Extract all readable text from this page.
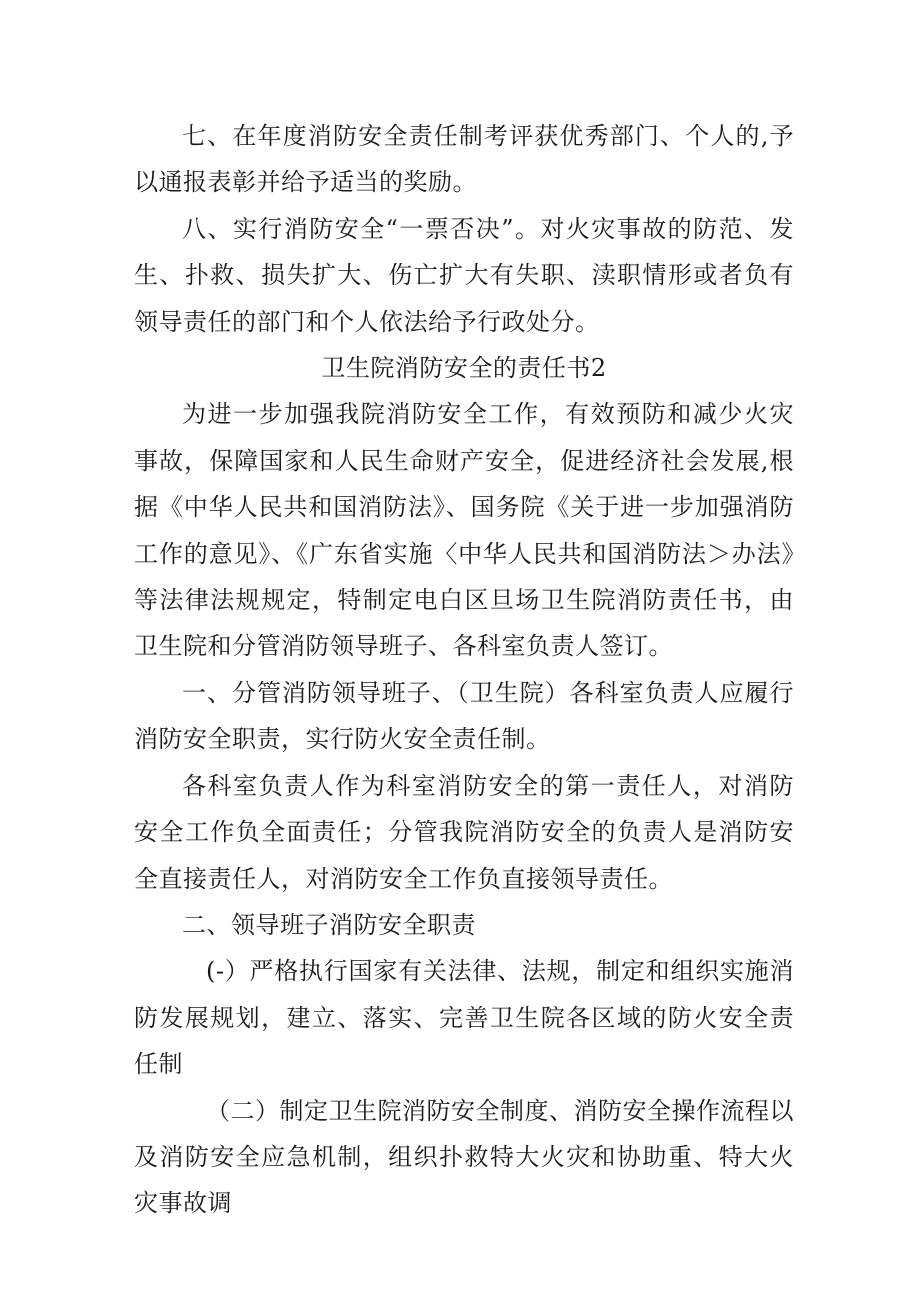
七、在年度消防安全责任制考评获优秀部门、个人的,予以通报表彰并给予适当的奖励。

八、实行消防安全“一票否决”。对火灾事故的防范、发生、扑救、损失扩大、伤亡扩大有失职、渎职情形或者负有领导责任的部门和个人依法给予行政处分。

卫生院消防安全的责任书2

为进一步加强我院消防安全工作，有效预防和减少火灾事故，保障国家和人民生命财产安全，促进经济社会发展,根据《中华人民共和国消防法》、国务院《关于进一步加强消防工作的意见》、《广东省实施〈中华人民共和国消防法＞办法》等法律法规规定，特制定电白区旦场卫生院消防责任书，由卫生院和分管消防领导班子、各科室负责人签订。

一、分管消防领导班子、（卫生院）各科室负责人应履行消防安全职责，实行防火安全责任制。

各科室负责人作为科室消防安全的第一责任人，对消防安全工作负全面责任；分管我院消防安全的负责人是消防安全直接责任人，对消防安全工作负直接领导责任。

二、领导班子消防安全职责

(-）严格执行国家有关法律、法规，制定和组织实施消防发展规划，建立、落实、完善卫生院各区域的防火安全责任制

（二）制定卫生院消防安全制度、消防安全操作流程以及消防安全应急机制，组织扑救特大火灾和协助重、特大火灾事故调
